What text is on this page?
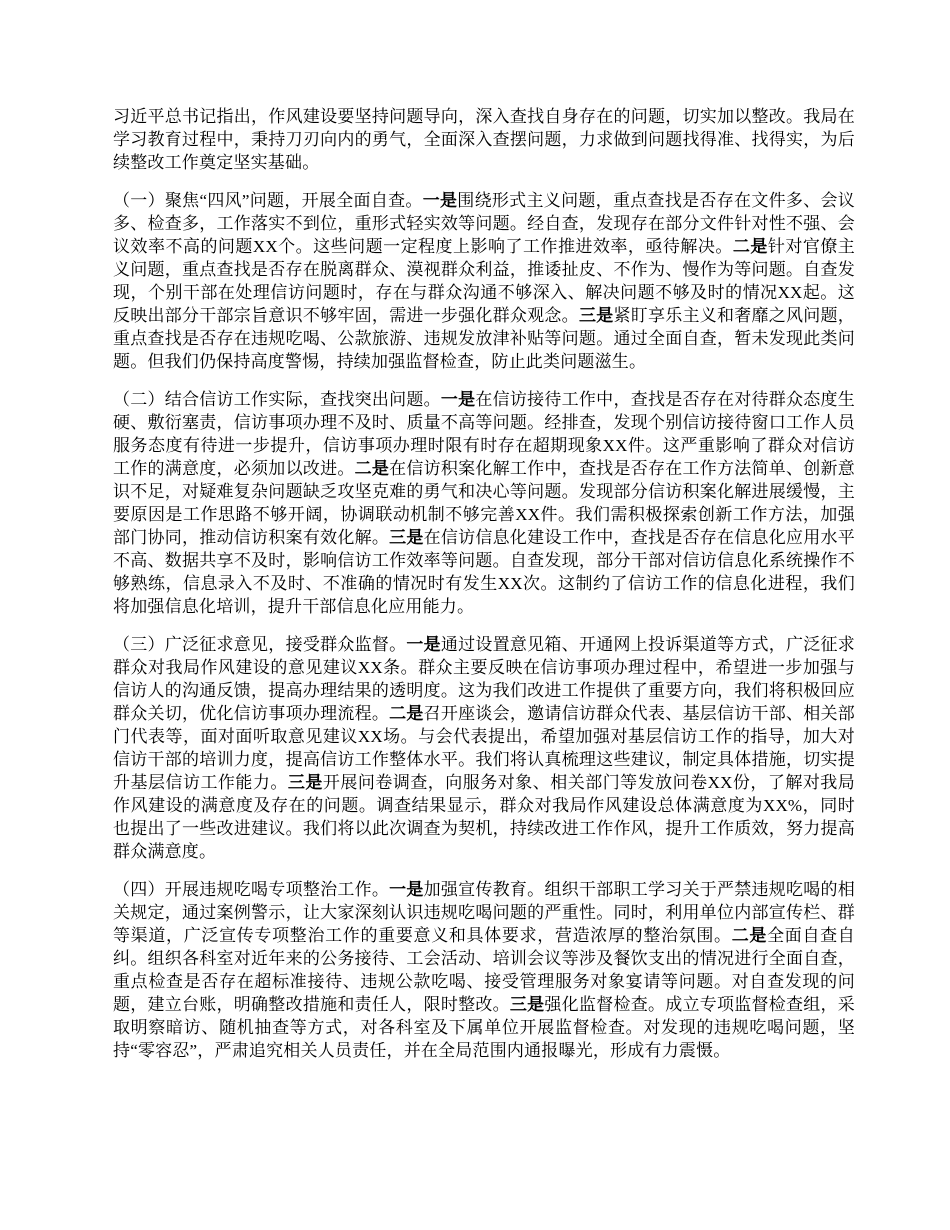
习近平总书记指出，作风建设要坚持问题导向，深入查找自身存在的问题，切实加以整改。我局在学习教育过程中，秉持刀刃向内的勇气，全面深入查摆问题，力求做到问题找得准、找得实，为后续整改工作奠定坚实基础。

（一）聚焦“四风”问题，开展全面自查。一是围绕形式主义问题，重点查找是否存在文件多、会议多、检查多，工作落实不到位，重形式轻实效等问题。经自查，发现存在部分文件针对性不强、会议效率不高的问题XX个。这些问题一定程度上影响了工作推进效率，亟待解决。二是针对官僚主义问题，重点查找是否存在脱离群众、漠视群众利益，推诿扯皮、不作为、慢作为等问题。自查发现，个别干部在处理信访问题时，存在与群众沟通不够深入、解决问题不够及时的情况XX起。这反映出部分干部宗旨意识不够牢固，需进一步强化群众观念。三是紧盯享乐主义和奢靡之风问题，重点查找是否存在违规吃喝、公款旅游、违规发放津补贴等问题。通过全面自查，暂未发现此类问题。但我们仍保持高度警惕，持续加强监督检查，防止此类问题滋生。

（二）结合信访工作实际，查找突出问题。一是在信访接待工作中，查找是否存在对待群众态度生硬、敷衍塞责，信访事项办理不及时、质量不高等问题。经排查，发现个别信访接待窗口工作人员服务态度有待进一步提升，信访事项办理时限有时存在超期现象XX件。这严重影响了群众对信访工作的满意度，必须加以改进。二是在信访积案化解工作中，查找是否存在工作方法简单、创新意识不足，对疑难复杂问题缺乏攻坚克难的勇气和决心等问题。发现部分信访积案化解进展缓慢，主要原因是工作思路不够开阔，协调联动机制不够完善XX件。我们需积极探索创新工作方法，加强部门协同，推动信访积案有效化解。三是在信访信息化建设工作中，查找是否存在信息化应用水平不高、数据共享不及时，影响信访工作效率等问题。自查发现，部分干部对信访信息化系统操作不够熟练，信息录入不及时、不准确的情况时有发生XX次。这制约了信访工作的信息化进程，我们将加强信息化培训，提升干部信息化应用能力。

（三）广泛征求意见，接受群众监督。一是通过设置意见箱、开通网上投诉渠道等方式，广泛征求群众对我局作风建设的意见建议XX条。群众主要反映在信访事项办理过程中，希望进一步加强与信访人的沟通反馈，提高办理结果的透明度。这为我们改进工作提供了重要方向，我们将积极回应群众关切，优化信访事项办理流程。二是召开座谈会，邀请信访群众代表、基层信访干部、相关部门代表等，面对面听取意见建议XX场。与会代表提出，希望加强对基层信访工作的指导，加大对信访干部的培训力度，提高信访工作整体水平。我们将认真梳理这些建议，制定具体措施，切实提升基层信访工作能力。三是开展问卷调查，向服务对象、相关部门等发放问卷XX份，了解对我局作风建设的满意度及存在的问题。调查结果显示，群众对我局作风建设总体满意度为XX%，同时也提出了一些改进建议。我们将以此次调查为契机，持续改进工作作风，提升工作质效，努力提高群众满意度。

（四）开展违规吃喝专项整治工作。一是加强宣传教育。组织干部职工学习关于严禁违规吃喝的相关规定，通过案例警示，让大家深刻认识违规吃喝问题的严重性。同时，利用单位内部宣传栏、群等渠道，广泛宣传专项整治工作的重要意义和具体要求，营造浓厚的整治氛围。二是全面自查自纠。组织各科室对近年来的公务接待、工会活动、培训会议等涉及餐饮支出的情况进行全面自查，重点检查是否存在超标准接待、违规公款吃喝、接受管理服务对象宴请等问题。对自查发现的问题，建立台账，明确整改措施和责任人，限时整改。三是强化监督检查。成立专项监督检查组，采取明察暗访、随机抽查等方式，对各科室及下属单位开展监督检查。对发现的违规吃喝问题，坚持“零容忍”，严肃追究相关人员责任，并在全局范围内通报曝光，形成有力震慑。
